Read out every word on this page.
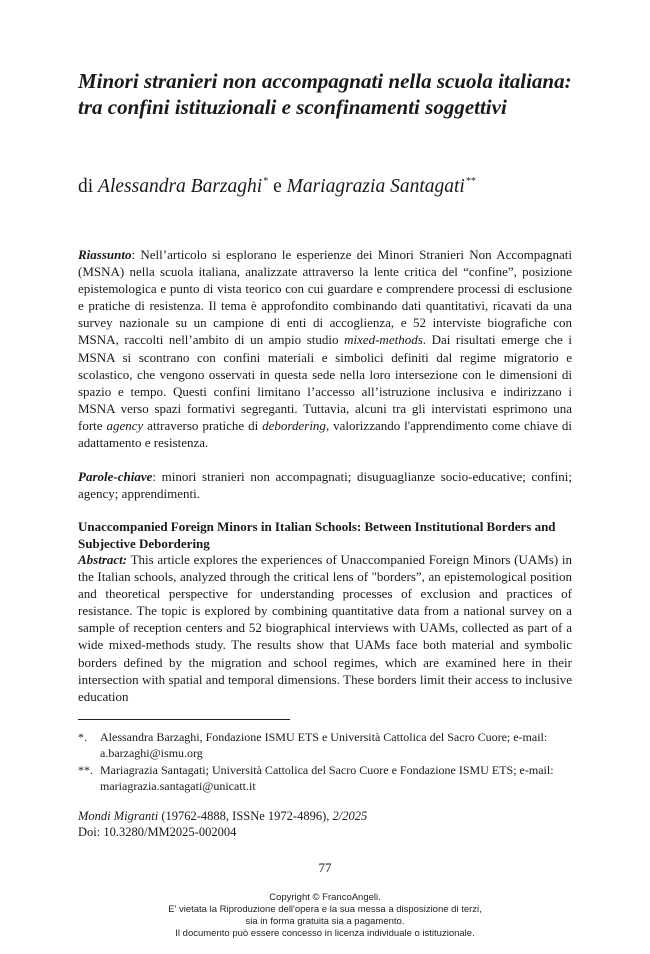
Minori stranieri non accompagnati nella scuola italiana: tra confini istituzionali e sconfinamenti soggettivi

di Alessandra Barzaghi* e Mariagrazia Santagati**

Riassunto: Nell’articolo si esplorano le esperienze dei Minori Stranieri Non Accompagnati (MSNA) nella scuola italiana, analizzate attraverso la lente critica del “confine”, posizione epistemologica e punto di vista teorico con cui guardare e comprendere processi di esclusione e pratiche di resistenza. Il tema è approfondito combinando dati quantitativi, ricavati da una survey nazionale su un campione di enti di accoglienza, e 52 interviste biografiche con MSNA, raccolti nell’ambito di un ampio studio mixed-methods. Dai risultati emerge che i MSNA si scontrano con confini materiali e simbolici definiti dal regime migratorio e scolastico, che vengono osservati in questa sede nella loro intersezione con le dimensioni di spazio e tempo. Questi confini limitano l’accesso all’istruzione inclusiva e indirizzano i MSNA verso spazi formativi segreganti. Tuttavia, alcuni tra gli intervistati esprimono una forte agency attraverso pratiche di debordering, valorizzando l'apprendimento come chiave di adattamento e resistenza.

Parole-chiave: minori stranieri non accompagnati; disuguaglianze socio-educative; confini; agency; apprendimenti.

Unaccompanied Foreign Minors in Italian Schools: Between Institutional Borders and Subjective Debordering

Abstract: This article explores the experiences of Unaccompanied Foreign Minors (UAMs) in the Italian schools, analyzed through the critical lens of "borders”, an epistemological position and theoretical perspective for understanding processes of exclusion and practices of resistance. The topic is explored by combining quantitative data from a national survey on a sample of reception centers and 52 biographical interviews with UAMs, collected as part of a wide mixed-methods study. The results show that UAMs face both material and symbolic borders defined by the migration and school regimes, which are examined here in their intersection with spatial and temporal dimensions. These borders limit their access to inclusive education

*.	Alessandra Barzaghi, Fondazione ISMU ETS e Università Cattolica del Sacro Cuore; e-mail: a.barzaghi@ismu.org
**. Mariagrazia Santagati; Università Cattolica del Sacro Cuore e Fondazione ISMU ETS; e-mail: mariagrazia.santagati@unicatt.it
Mondi Migranti (19762-4888, ISSNe 1972-4896), 2/2025
Doi: 10.3280/MM2025-002004
77
Copyright © FrancoAngeli.
E' vietata la Riproduzione dell'opera e la sua messa a disposizione di terzi,
sia in forma gratuita sia a pagamento.
Il documento può essere concesso in licenza individuale o istituzionale.
